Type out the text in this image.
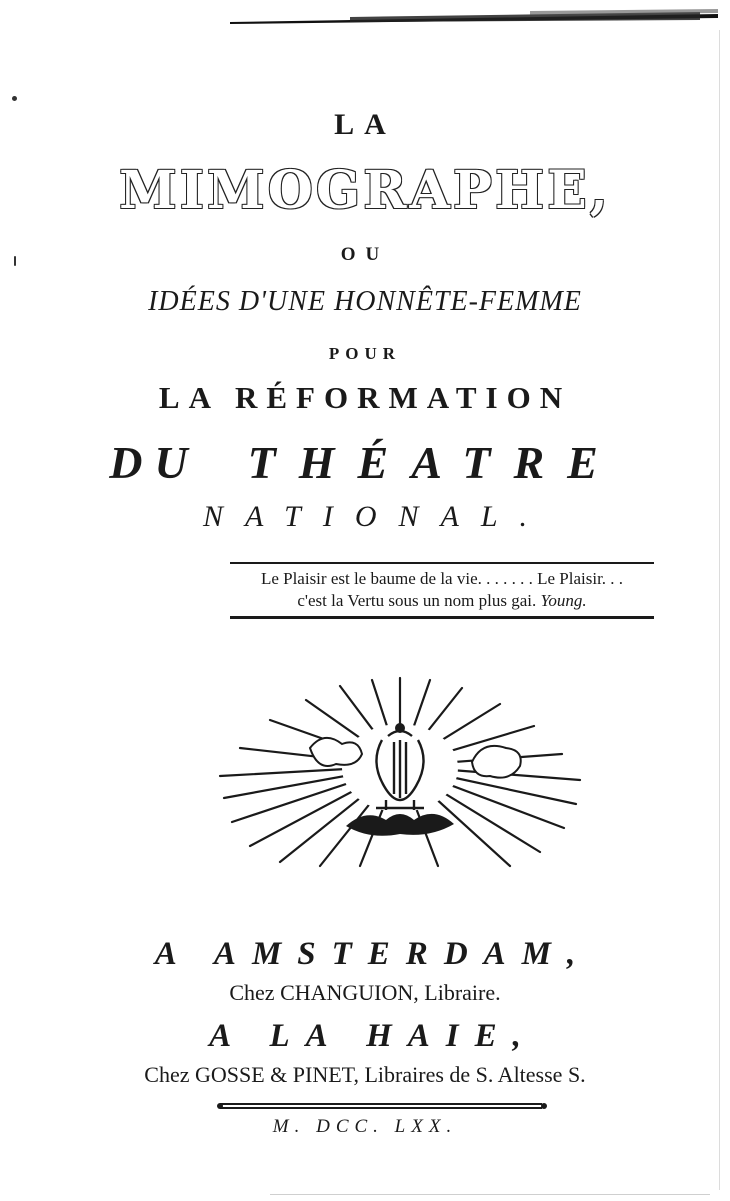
LA
MIMOGRAPHE,
OU
IDÉES D'UNE HONNÊTE-FEMME
POUR
LA RÉFORMATION
DU THÉATRE
NATIONAL.
Le Plaisir est le baume de la vie. . . . . . . Le Plaisir. . .
c'est la Vertu sous un nom plus gai. Young.
A AMSTERDAM,
Chez CHANGUION, Libraire.
A LA HAIE,
Chez GOSSE & PINET, Libraires de S. Altesse S.
M. DCC. LXX.
